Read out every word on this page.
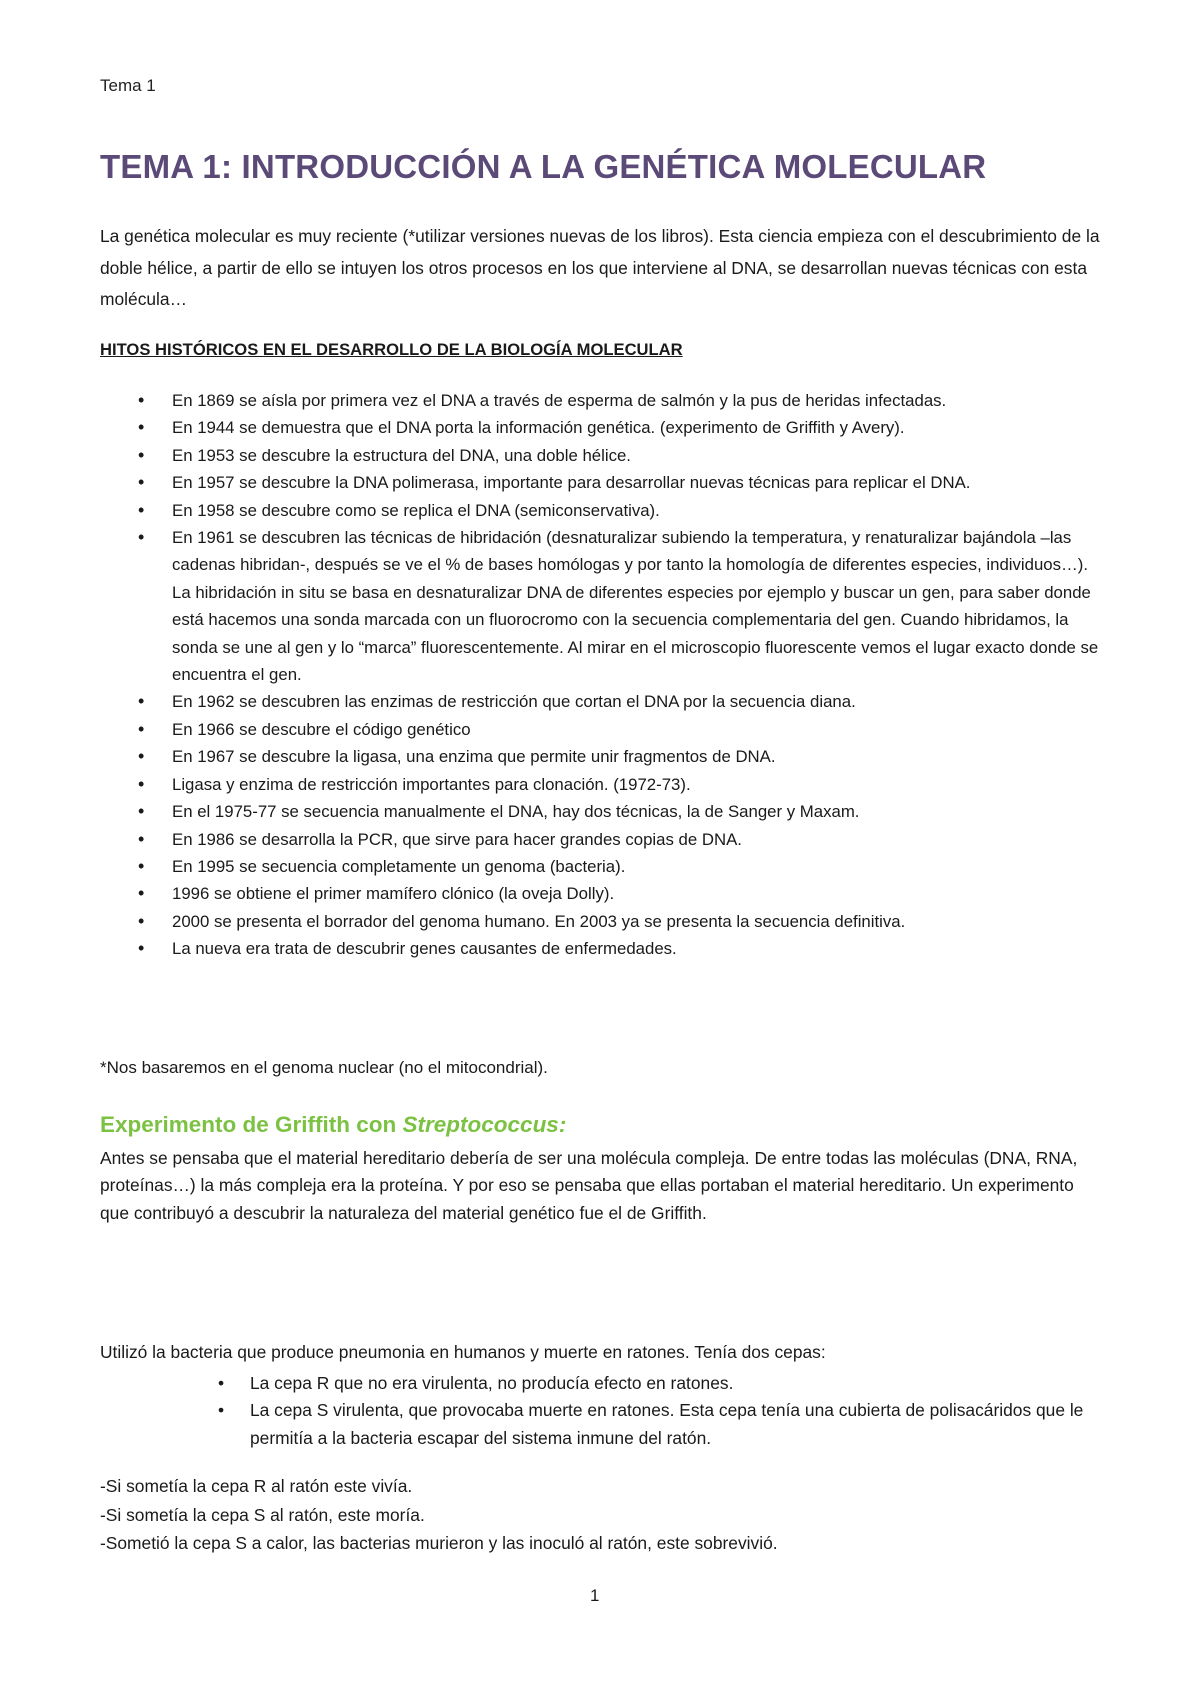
Tema 1
TEMA 1: INTRODUCCIÓN A LA GENÉTICA MOLECULAR

La genética molecular es muy reciente (*utilizar versiones nuevas de los libros). Esta ciencia empieza con el descubrimiento de la doble hélice, a partir de ello se intuyen los otros procesos en los que interviene al DNA, se desarrollan nuevas técnicas con esta molécula…

HITOS HISTÓRICOS EN EL DESARROLLO DE LA BIOLOGÍA MOLECULAR
• En 1869 se aísla por primera vez el DNA a través de esperma de salmón y la pus de heridas infectadas.
• En 1944 se demuestra que el DNA porta la información genética. (experimento de Griffith y Avery).
• En 1953 se descubre la estructura del DNA, una doble hélice.
• En 1957 se descubre la DNA polimerasa, importante para desarrollar nuevas técnicas para replicar el DNA.
• En 1958 se descubre como se replica el DNA (semiconservativa).
• En 1961 se descubren las técnicas de hibridación (desnaturalizar subiendo la temperatura, y renaturalizar bajándola –las cadenas hibridan-, después se ve el % de bases homólogas y por tanto la homología de diferentes especies, individuos…). La hibridación in situ se basa en desnaturalizar DNA de diferentes especies por ejemplo y buscar un gen, para saber donde está hacemos una sonda marcada con un fluorocromo con la secuencia complementaria del gen. Cuando hibridamos, la sonda se une al gen y lo “marca” fluorescentemente. Al mirar en el microscopio fluorescente vemos el lugar exacto donde se encuentra el gen.
• En 1962 se descubren las enzimas de restricción que cortan el DNA por la secuencia diana.
• En 1966 se descubre el código genético
• En 1967 se descubre la ligasa, una enzima que permite unir fragmentos de DNA.
• Ligasa y enzima de restricción importantes para clonación. (1972-73).
• En el 1975-77 se secuencia manualmente el DNA, hay dos técnicas, la de Sanger y Maxam.
• En 1986 se desarrolla la PCR, que sirve para hacer grandes copias de DNA.
• En 1995 se secuencia completamente un genoma (bacteria).
• 1996 se obtiene el primer mamífero clónico (la oveja Dolly).
• 2000 se presenta el borrador del genoma humano. En 2003 ya se presenta la secuencia definitiva.
• La nueva era trata de descubrir genes causantes de enfermedades.

*Nos basaremos en el genoma nuclear (no el mitocondrial).

Experimento de Griffith con Streptococcus:

Antes se pensaba que el material hereditario debería de ser una molécula compleja. De entre todas las moléculas (DNA, RNA, proteínas…) la más compleja era la proteína. Y por eso se pensaba que ellas portaban el material hereditario. Un experimento que contribuyó a descubrir la naturaleza del material genético fue el de Griffith.

Utilizó la bacteria que produce pneumonia en humanos y muerte en ratones. Tenía dos cepas:

• La cepa R que no era virulenta, no producía efecto en ratones.
• La cepa S virulenta, que provocaba muerte en ratones. Esta cepa tenía una cubierta de polisacáridos que le permitía a la bacteria escapar del sistema inmune del ratón.
-Si sometía la cepa R al ratón este vivía.
-Si sometía la cepa S al ratón, este moría.
-Sometió la cepa S a calor, las bacterias murieron y las inoculó al ratón, este sobrevivió.
1
